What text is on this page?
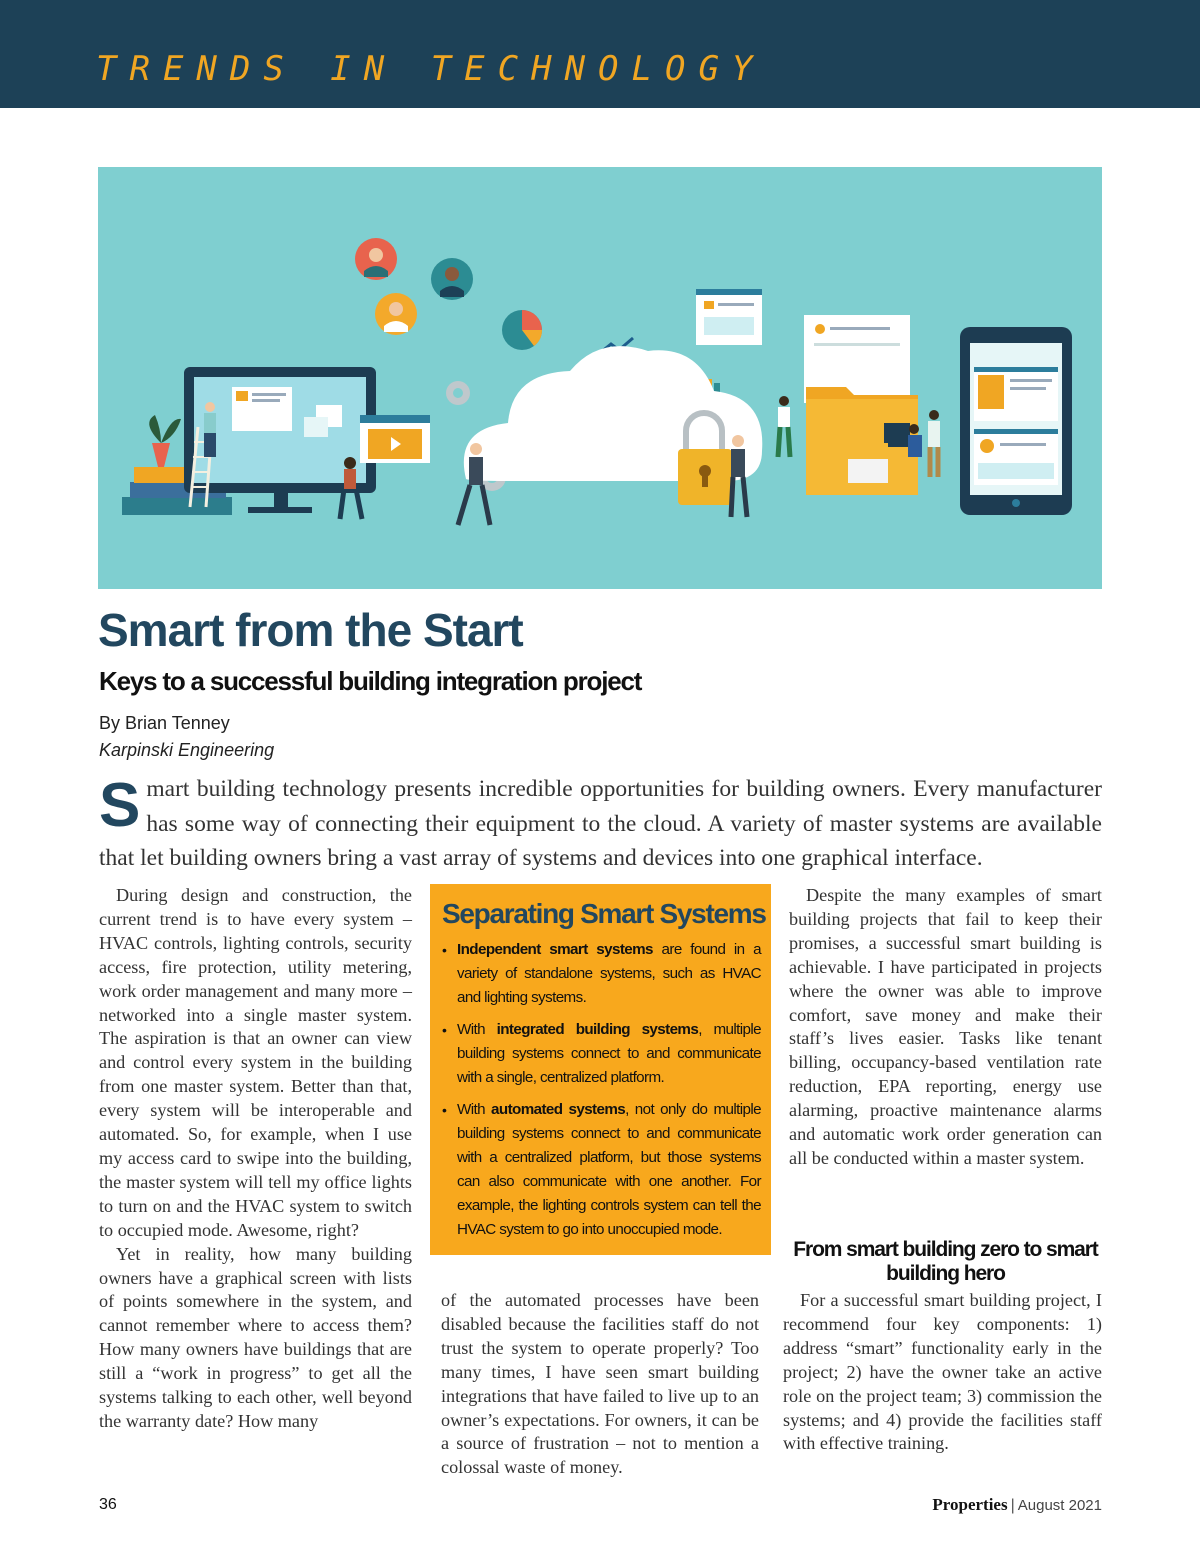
TRENDS IN TECHNOLOGY
Smart from the Start
Keys to a successful building integration project
By Brian Tenney
Karpinski Engineering
Smart building technology presents incredible opportunities for building owners. Every manufacturer has some way of connecting their equipment to the cloud. A variety of master systems are available that let building owners bring a vast array of systems and devices into one graphical interface.

During design and construction, the current trend is to have every system – HVAC controls, lighting controls, security access, fire protection, utility metering, work order management and many more – networked into a single master system. The aspiration is that an owner can view and control every system in the building from one master system. Better than that, every system will be interoperable and automated. So, for example, when I use my access card to swipe into the building, the master system will tell my office lights to turn on and the HVAC system to switch to occupied mode. Awesome, right?

Yet in reality, how many building owners have a graphical screen with lists of points somewhere in the system, and cannot remember where to access them? How many owners have buildings that are still a “work in progress” to get all the systems talking to each other, well beyond the warranty date? How many

Separating Smart Systems
• Independent smart systems are found in a variety of standalone systems, such as HVAC and lighting systems.
• With integrated building systems, multiple building systems connect to and communicate with a single, centralized platform.
• With automated systems, not only do multiple building systems connect to and communicate with a centralized platform, but those systems can also communicate with one another. For example, the lighting controls system can tell the HVAC system to go into unoccupied mode.

of the automated processes have been disabled because the facilities staff do not trust the system to operate properly? Too many times, I have seen smart building integrations that have failed to live up to an owner’s expectations. For owners, it can be a source of frustration – not to mention a colossal waste of money.

Despite the many examples of smart building projects that fail to keep their promises, a successful smart building is achievable. I have participated in projects where the owner was able to improve comfort, save money and make their staff’s lives easier. Tasks like tenant billing, occupancy-based ventilation rate reduction, EPA reporting, energy use alarming, proactive maintenance alarms and automatic work order generation can all be conducted within a master system.

From smart building zero to smart building hero

For a successful smart building project, I recommend four key components: 1) address “smart” functionality early in the project; 2) have the owner take an active role on the project team; 3) commission the systems; and 4) provide the facilities staff with effective training.

36	Properties | August 2021
